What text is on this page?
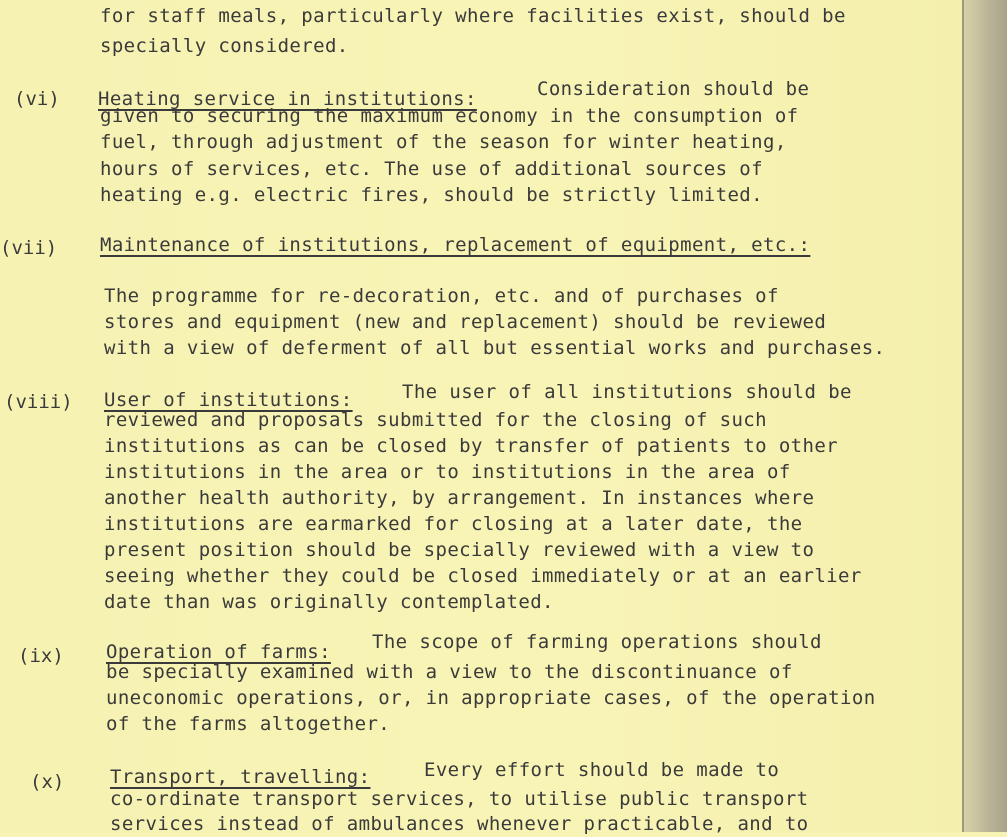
for staff meals, particularly where facilities exist, should be
specially considered.
(vi) Heating service in institutions:	Consideration should be
given to securing the maximum economy in the consumption of
fuel, through adjustment of the season for winter heating,
hours of services, etc. The use of additional sources of
heating e.g. electric fires, should be strictly limited.
(vii) Maintenance of institutions, replacement of equipment, etc.:
The programme for re-decoration, etc. and of purchases of
stores and equipment (new and replacement) should be reviewed
with a view of deferment of all but essential works and purchases.
(viii) User of institutions:	The user of all institutions should be
reviewed and proposals submitted for the closing of such
institutions as can be closed by transfer of patients to other
institutions in the area or to institutions in the area of
another health authority, by arrangement. In instances where
institutions are earmarked for closing at a later date, the
present position should be specially reviewed with a view to
seeing whether they could be closed immediately or at an earlier
date than was originally contemplated.
(ix) Operation of farms: The scope of farming operations should
be specially examined with a view to the discontinuance of
uneconomic operations, or, in appropriate cases, of the operation
of the farms altogether.
(x) Transport, travelling:	Every effort should be made to
co-ordinate transport services, to utilise public transport
services instead of ambulances whenever practicable, and to
